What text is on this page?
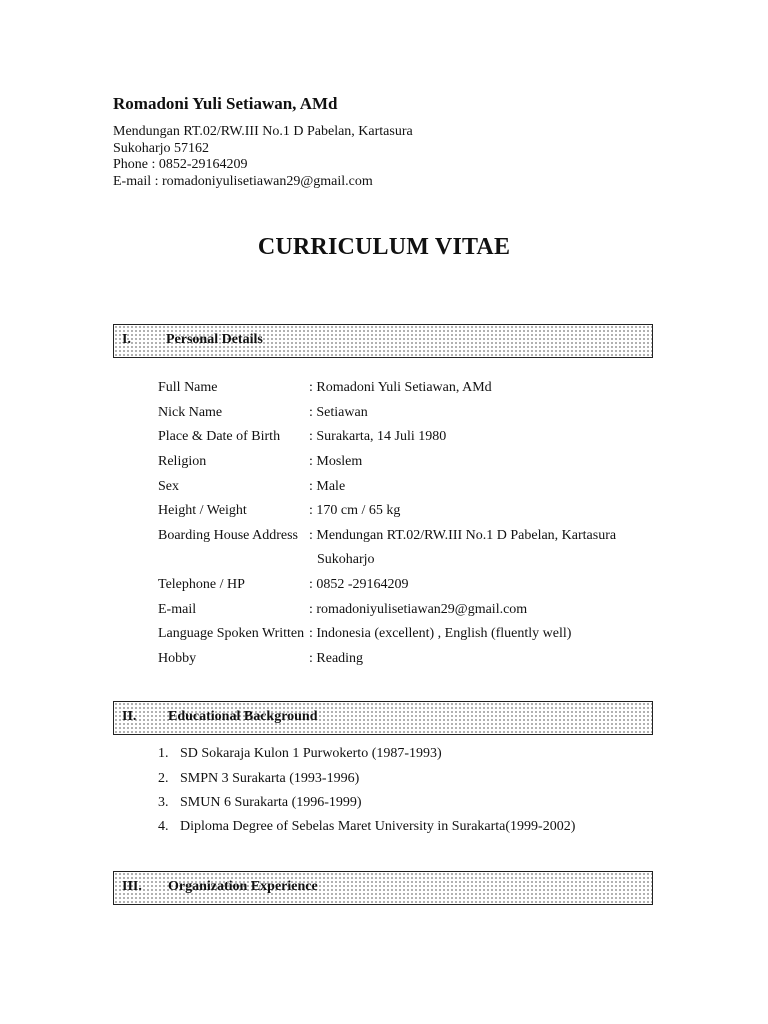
Romadoni Yuli Setiawan, AMd
Mendungan RT.02/RW.III No.1 D Pabelan, Kartasura
Sukoharjo 57162
Phone : 0852-29164209
E-mail : romadoniyulisetiawan29@gmail.com
CURRICULUM VITAE
I.	Personal Details
Full Name	: Romadoni Yuli Setiawan, AMd
Nick Name	: Setiawan
Place & Date of Birth	: Surakarta, 14 Juli 1980
Religion	: Moslem
Sex	: Male
Height / Weight	: 170 cm / 65 kg
Boarding House Address : Mendungan RT.02/RW.III No.1 D Pabelan, Kartasura
Sukoharjo
Telephone / HP	: 0852 -29164209
E-mail	: romadoniyulisetiawan29@gmail.com
Language Spoken Written : Indonesia (excellent) , English (fluently well)
Hobby	: Reading
II. Educational Background
1. SD Sokaraja Kulon 1 Purwokerto (1987-1993)
2. SMPN 3 Surakarta (1993-1996)
3. SMUN 6 Surakarta (1996-1999)
4. Diploma Degree of Sebelas Maret University in Surakarta(1999-2002)
III. Organization Experience
